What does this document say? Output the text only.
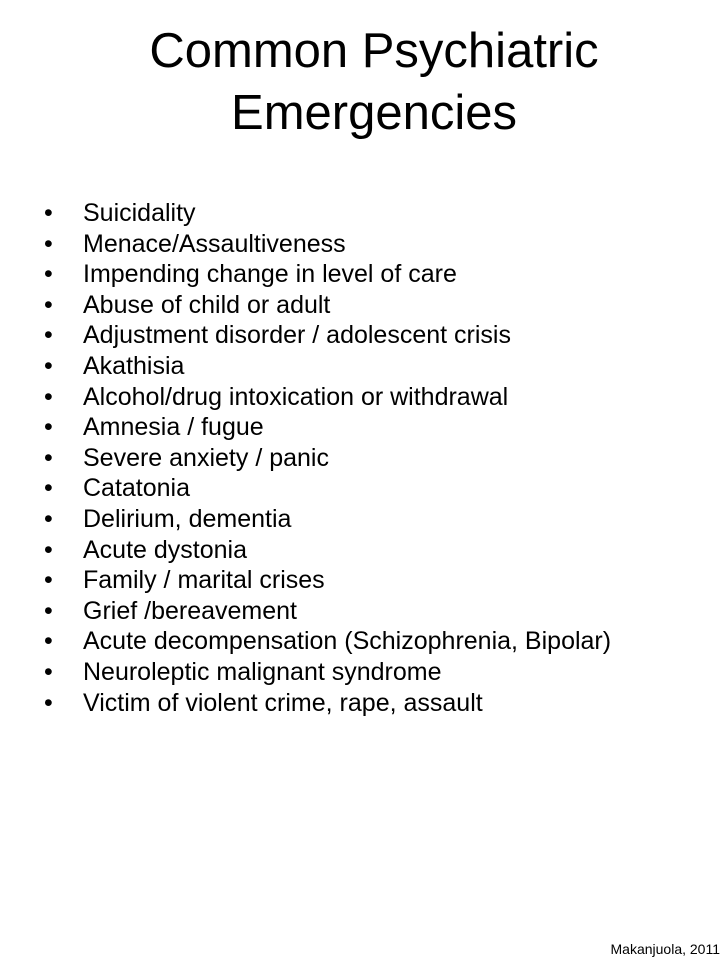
Common Psychiatric
Emergencies
• Suicidality
• Menace/Assaultiveness
• Impending change in level of care
• Abuse of child or adult
• Adjustment disorder / adolescent crisis
• Akathisia
• Alcohol/drug intoxication or withdrawal
• Amnesia / fugue
• Severe anxiety / panic
• Catatonia
• Delirium, dementia
• Acute dystonia
• Family / marital crises
• Grief /bereavement
• Acute decompensation (Schizophrenia, Bipolar)
• Neuroleptic malignant syndrome
• Victim of violent crime, rape, assault
Makanjuola, 2011
